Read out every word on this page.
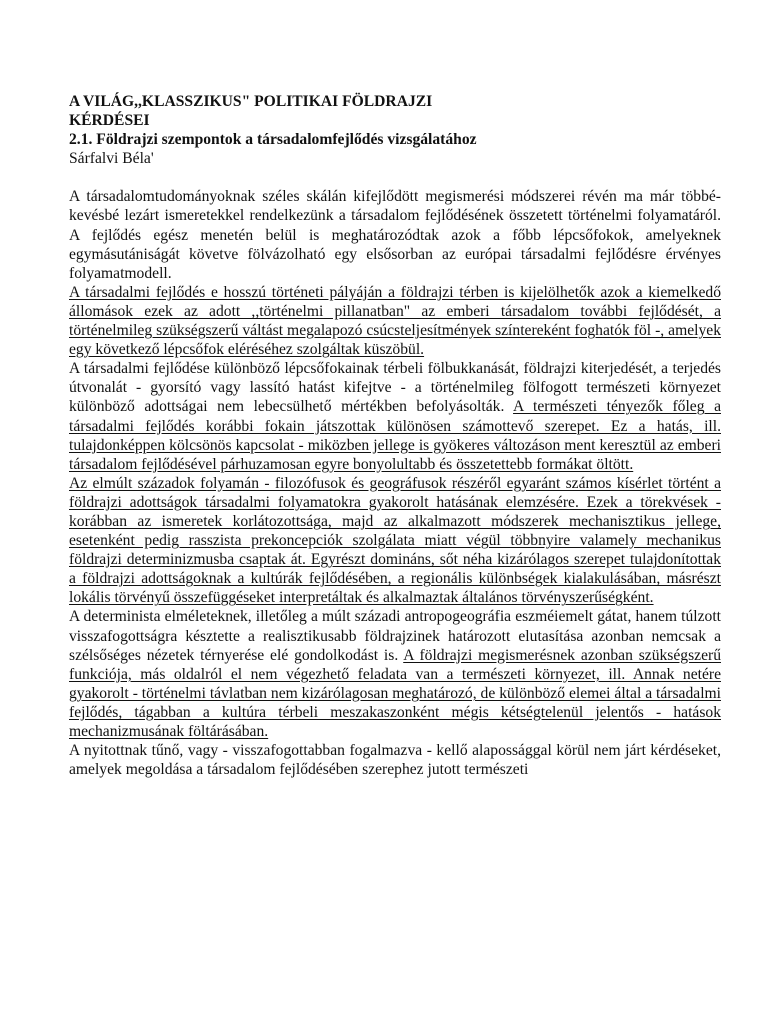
A VILÁG,,KLASSZIKUS" POLITIKAI FÖLDRAJZI
KÉRDÉSEI

2.1. Földrajzi szempontok a társadalomfejlődés vizsgálatához

Sárfalvi Béla'

A társadalomtudományoknak széles skálán kifejlődött megismerési módszerei révén ma már többé-kevésbé lezárt ismeretekkel rendelkezünk a társadalom fejlődésének összetett történelmi folyamatáról. A fejlődés egész menetén belül is meghatározódtak azok a főbb lépcsőfokok, amelyeknek egymásutániságát követve fölvázolható egy elsősorban az európai társadalmi fejlődésre érvényes folyamatmodell.

A társadalmi fejlődés e hosszú történeti pályáján a földrajzi térben is kijelölhetők azok a kiemelkedő állomások ezek az adott ,,történelmi pillanatban" az emberi társadalom további fejlődését, a történelmileg szükségszerű váltást megalapozó csúcsteljesítmények színtereként foghatók föl -, amelyek egy következő lépcsőfok eléréséhez szolgáltak küszöbül.

A társadalmi fejlődése különböző lépcsőfokainak térbeli fölbukkanását, földrajzi kiterjedését, a terjedés útvonalát - gyorsító vagy lassító hatást kifejtve - a történelmileg fölfogott természeti környezet különböző adottságai nem lebecsülhető mértékben befolyásolták. A természeti tényezők főleg a társadalmi fejlődés korábbi fokain játszottak különösen számottevő szerepet. Ez a hatás, ill. tulajdonképpen kölcsönös kapcsolat - miközben jellege is gyökeres változáson ment keresztül az emberi társadalom fejlődésével párhuzamosan egyre bonyolultabb és összetettebb formákat öltött.

Az elmúlt századok folyamán - filozófusok és geográfusok részéről egyaránt számos kísérlet történt a földrajzi adottságok társadalmi folyamatokra gyakorolt hatásának elemzésére. Ezek a törekvések - korábban az ismeretek korlátozottsága, majd az alkalmazott módszerek mechanisztikus jellege, esetenként pedig rasszista prekoncepciók szolgálata miatt végül többnyire valamely mechanikus földrajzi determinizmusba csaptak át. Egyrészt domináns, sőt néha kizárólagos szerepet tulajdonítottak a földrajzi adottságoknak a kultúrák fejlődésében, a regionális különbségek kialakulásában, másrészt lokális törvényű összefüggéseket interpretáltak és alkalmaztak általános törvényszerűségként.

A determinista elméleteknek, illetőleg a múlt századi antropogeográfia eszméiemelt gátat, hanem túlzott visszafogottságra késztette a realisztikusabb földrajzinek határozott elutasítása azonban nemcsak a szélsőséges nézetek térnyerése elé gondolkodást is. A földrajzi megismerésnek azonban szükségszerű funkciója, más oldalról el nem végezhető feladata van a természeti környezet, ill. Annak netére gyakorolt - történelmi távlatban nem kizárólagosan meghatározó, de különböző elemei által a társadalmi fejlődés, tágabban a kultúra térbeli meszakaszonként mégis kétségtelenül jelentős - hatások mechanizmusának föltárásában.

A nyitottnak tűnő, vagy - visszafogottabban fogalmazva - kellő alapossággal körül nem járt kérdéseket, amelyek megoldása a társadalom fejlődésében szerephez jutott természeti
